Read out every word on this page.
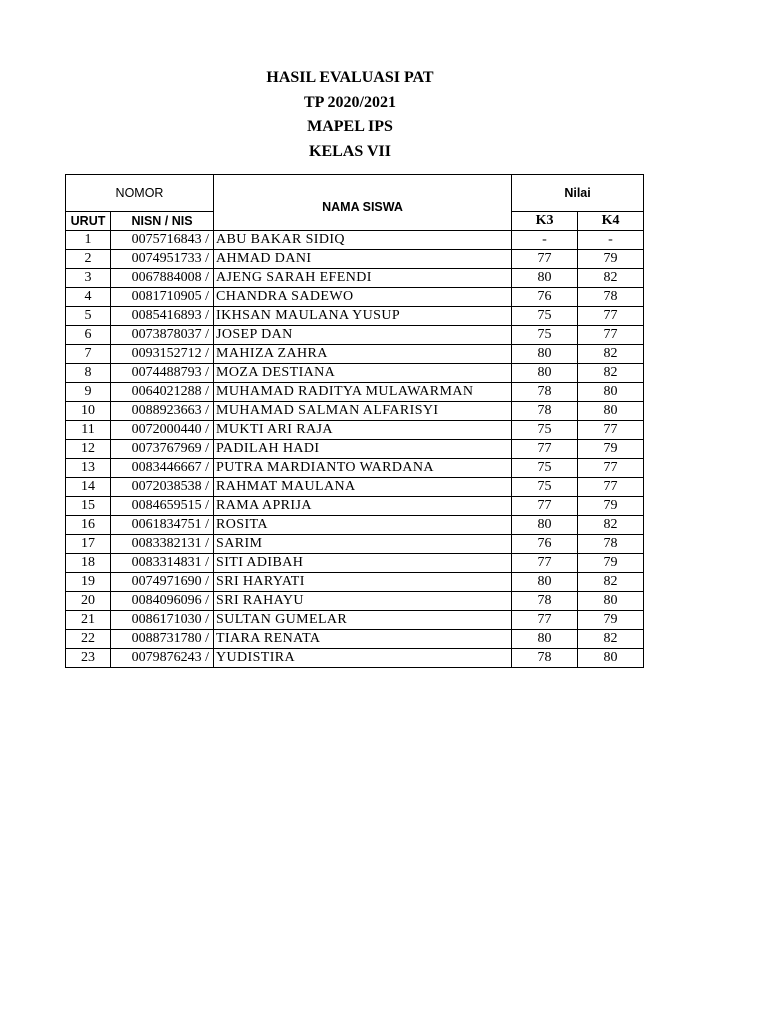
HASIL EVALUASI PAT
TP 2020/2021
MAPEL IPS
KELAS VII
NOMOR		NAMA SISWA	Nilai	
URUT	NISN / NIS		K3	K4
1	0075716843 /	ABU BAKAR SIDIQ	-	-
2	0074951733 /	AHMAD DANI	77	79
3	0067884008 /	AJENG SARAH EFENDI	80	82
4	0081710905 /	CHANDRA SADEWO	76	78
5	0085416893 /	IKHSAN MAULANA YUSUP	75	77
6	0073878037 /	JOSEP DAN	75	77
7	0093152712 /	MAHIZA ZAHRA	80	82
8	0074488793 /	MOZA DESTIANA	80	82
9	0064021288 /	MUHAMAD RADITYA MULAWARMAN	78	80
10	0088923663 /	MUHAMAD SALMAN ALFARISYI	78	80
11	0072000440 /	MUKTI ARI RAJA	75	77
12	0073767969 /	PADILAH HADI	77	79
13	0083446667 /	PUTRA MARDIANTO WARDANA	75	77
14	0072038538 /	RAHMAT MAULANA	75	77
15	0084659515 /	RAMA APRIJA	77	79
16	0061834751 /	ROSITA	80	82
17	0083382131 /	SARIM	76	78
18	0083314831 /	SITI ADIBAH	77	79
19	0074971690 /	SRI HARYATI	80	82
20	0084096096 /	SRI RAHAYU	78	80
21	0086171030 /	SULTAN GUMELAR	77	79
22	0088731780 /	TIARA RENATA	80	82
23	0079876243 /	YUDISTIRA	78	80
